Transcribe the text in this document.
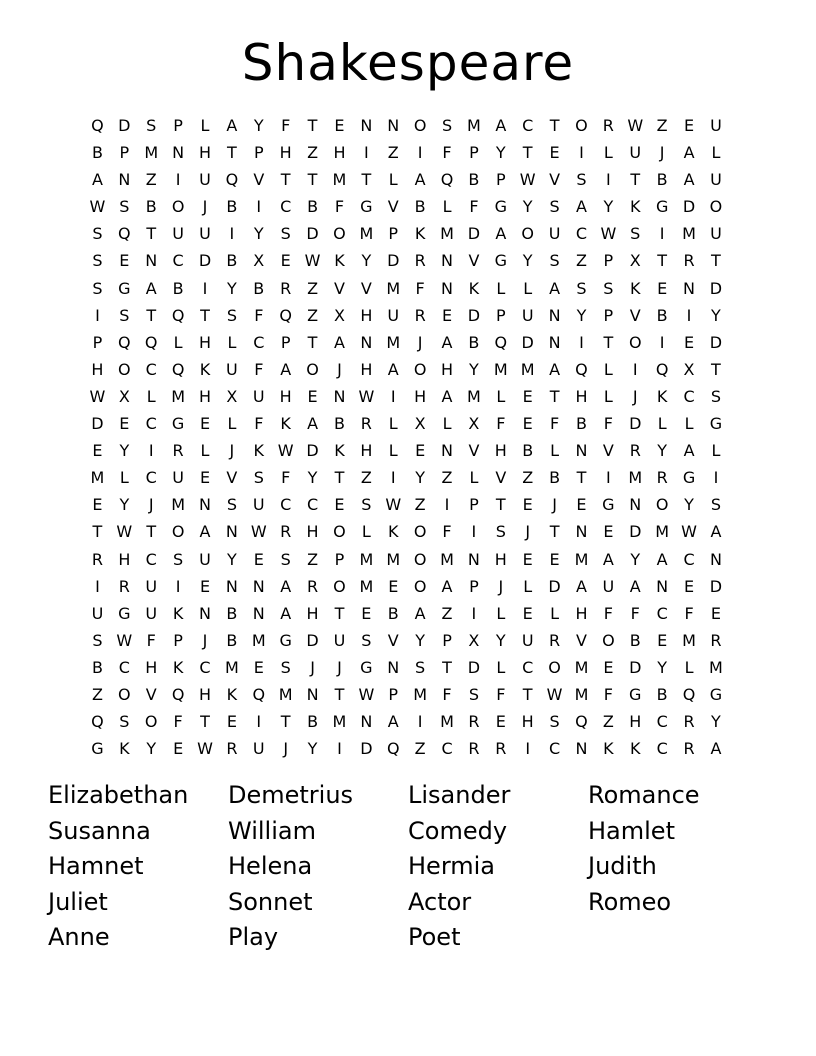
Shakespeare
Q D S	P	L	A	Y	F	T	E N N O S M A C	T O R W Z	E U
B	P M N H T	P	H Z H	I	Z	I	F	P	Y	T	E	I	L	U	J	A	L
A N Z	I	U Q V	T	T M T	L	A Q B	P W V	S	I	T	B A U
W S	B O	J	B	I	C B	F	G V B	L	F	G Y	S	A	Y	K G D O
S Q T	U U	I	Y	S D O M P	K M D A O U C W S	I	M U
S	E N C D B X	E W K	Y D R N V G Y	S	Z	P	X	T	R	T
S G A B	I	Y	B R Z V V M F	N K	L	L	A	S	S	K	E N D
I	S	T Q T	S	F Q Z X H U R	E D P	U N	Y	P	V B	I	Y
P Q Q	L	H	L	C	P	T	A N M	J	A B Q D N	I	T O	I	E D
H O C Q K U	F	A O	J	H A O H Y M M A Q	L	I	Q X	T
W X	L M H X U H E N W	I	H A M L	E	T H	L	J	K	C	S
D E	C G E	L	F	K	A B R	L	X	L	X	F	E	F	B	F	D	L	L	G
E	Y	I	R	L	J	K W D K H	L	E N V H B	L	N V R	Y	A	L
M L	C U E	V	S	F	Y	T	Z	I	Y	Z	L	V Z B	T	I	M R G	I
E	Y	J	M N S U C C	E	S W Z	I	P	T	E	J	E G N O Y	S
T W T O A N W R H O	L	K O	F	I	S	J	T	N E D M W A
R H C	S U	Y	E	S	Z	P M M O M N H E	E M A	Y	A C N
I	R U	I	E N N A R O M E O A	P	J	L	D A U A N E D
U G U K N B N A H T	E	B A Z	I	L	E	L	H	F	F	C	F	E
S W F	P	J	B M G D U S	V	Y	P	X	Y	U R V O B	E M R
B C H K	C M E	S	J	J	G N S	T D	L	C O M E D Y	L M
Z O V Q H K Q M N	T W P M F	S	F	T W M F	G B Q G
Q S O	F	T	E	I	T	B M N A	I	M R	E H S Q Z H C R	Y
G K	Y	E W R U	J	Y	I	D Q Z C R R	I	C N K	K	C R A
Elizabethan	Demetrius	Lisander	Romance
Susanna	William	Comedy	Hamlet
Hamnet	Helena	Hermia	Judith
Juliet	Sonnet	Actor	Romeo
Anne	Play	Poet
